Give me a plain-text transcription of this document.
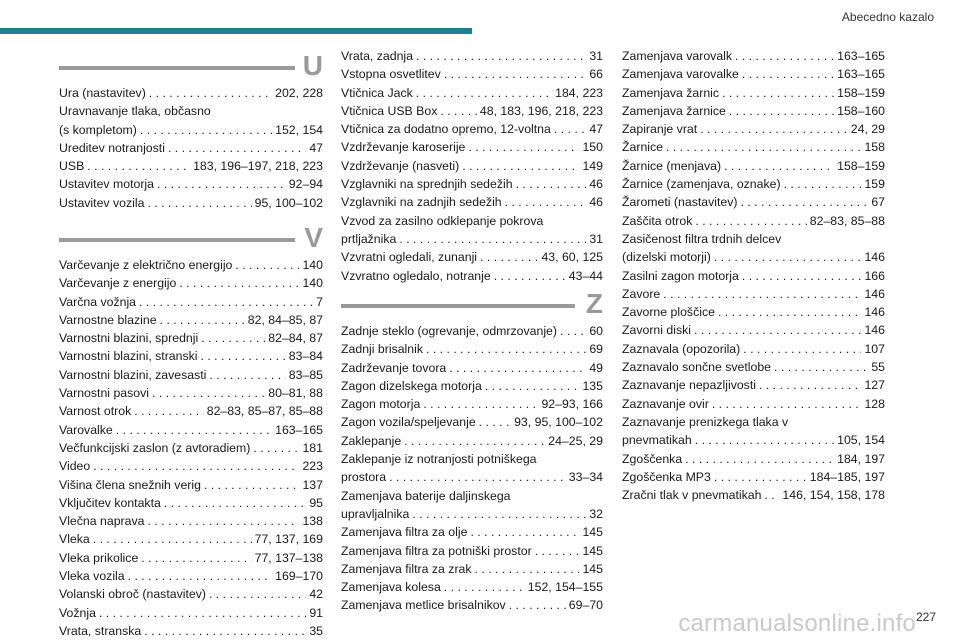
Abecedno kazalo
U
Ura (nastavitev) . . .	202, 228
Uravnavanje tlaka, občasno
(s kompletom) . . .	152, 154
Ureditev notranjosti . . .	47
USB . . .	183, 196–197, 218, 223
Ustavitev motorja . . .	92–94
Ustavitev vozila . . .	95, 100–102
V
Varčevanje z električno energijo . . .	140
Varčevanje z energijo . . .	140
Varčna vožnja . . .	7
Varnostne blazine . . .	82, 84–85, 87
Varnostni blazini, sprednji . . .	82–84, 87
Varnostni blazini, stranski . . .	83–84
Varnostni blazini, zavesasti . . .	83–85
Varnostni pasovi . . .	80–81, 88
Varnost otrok . . .	82–83, 85–87, 85–88
Varovalke . . .	163–165
Večfunkcijski zaslon (z avtoradiem) . . .	181
Video . . .	223
Višina člena snežnih verig . . .	137
Vključitev kontakta . . .	95
Vlečna naprava . . .	138
Vleka . . .	77, 137, 169
Vleka prikolice . . .	77, 137–138
Vleka vozila . . .	169–170
Volanski obroč (nastavitev) . . .	42
Vožnja . . .	91
Vrata, stranska . . .	35
Vrata, zadnja . . .	31
Vstopna osvetlitev . . .	66
Vtičnica Jack . . .	184, 223
Vtičnica USB Box . . .	48, 183, 196, 218, 223
Vtičnica za dodatno opremo, 12-voltna . . .	47
Vzdrževanje karoserije . . .	150
Vzdrževanje (nasveti) . . .	149
Vzglavniki na sprednjih sedežih . . .	46
Vzglavniki na zadnjih sedežih . . .	46
Vzvod za zasilno odklepanje pokrova
prtljažnika . . .	31
Vzvratni ogledali, zunanji . . .	43, 60, 125
Vzvratno ogledalo, notranje . . .	43–44
Z
Zadnje steklo (ogrevanje, odmrzovanje) . . .	60
Zadnji brisalnik . . .	69
Zadrževanje tovora . . .	49
Zagon dizelskega motorja . . .	135
Zagon motorja . . .	92–93, 166
Zagon vozila/speljevanje . . .	93, 95, 100–102
Zaklepanje . . .	24–25, 29
Zaklepanje iz notranjosti potniškega
prostora . . .	33–34
Zamenjava baterije daljinskega
upravljalnika . . .	32
Zamenjava filtra za olje . . .	145
Zamenjava filtra za potniški prostor . . .	145
Zamenjava filtra za zrak . . .	145
Zamenjava kolesa . . .	152, 154–155
Zamenjava metlice brisalnikov . . .	69–70
Zamenjava varovalk . . .	163–165
Zamenjava varovalke . . .	163–165
Zamenjava žarnic . . .	158–159
Zamenjava žarnice . . .	158–160
Zapiranje vrat . . .	24, 29
Žarnice . . .	158
Žarnice (menjava) . . .	158–159
Žarnice (zamenjava, oznake) . . .	159
Žarometi (nastavitev) . . .	67
Zaščita otrok . . .	82–83, 85–88
Zasičenost filtra trdnih delcev
(dizelski motorji) . . .	146
Zasilni zagon motorja . . .	166
Zavore . . .	146
Zavorne ploščice . . .	146
Zavorni diski . . .	146
Zaznavala (opozorila) . . .	107
Zaznavalo sončne svetlobe . . .	55
Zaznavanje nepazljivosti . . .	127
Zaznavanje ovir . . .	128
Zaznavanje prenizkega tlaka v
pnevmatikah . . .	105, 154
Zgoščenka . . .	184, 197
Zgoščenka MP3 . . .	184–185, 197
Zračni tlak v pnevmatikah . . . 146, 154, 158, 178
227
carmanualsonline.info
